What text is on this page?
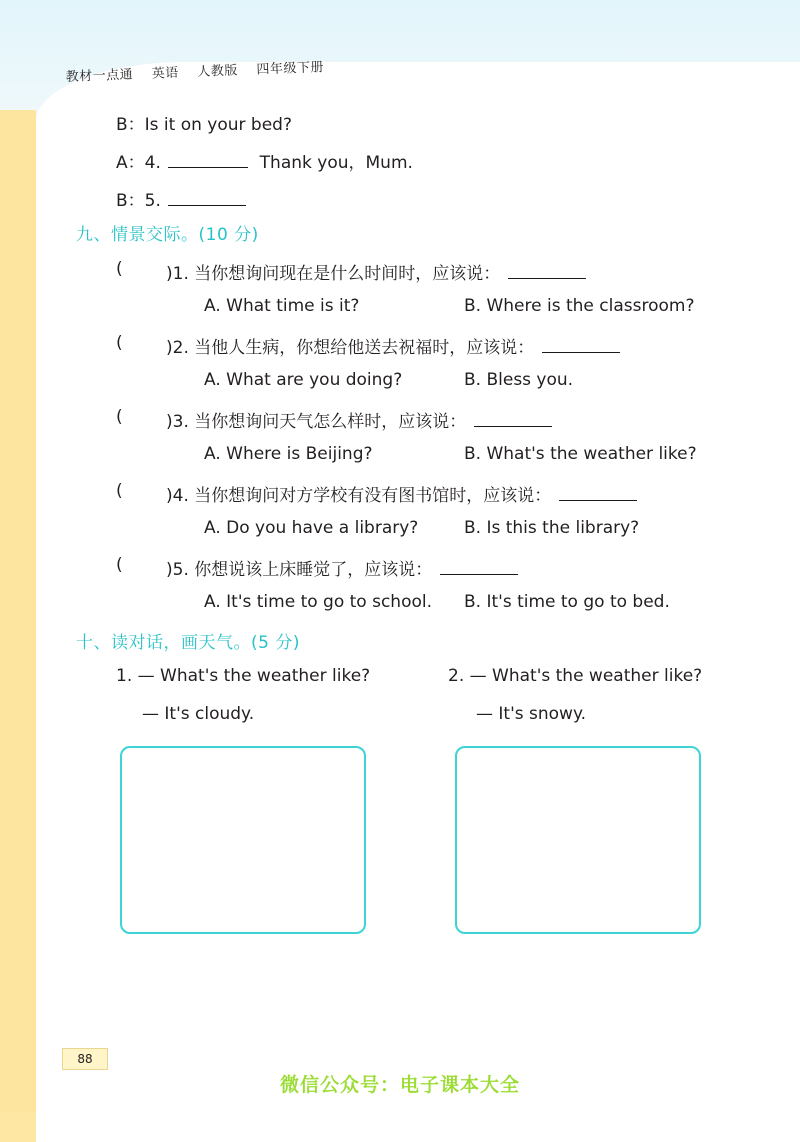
教材一点通 英语 人教版 四年级下册
B：Is it on your bed?
A：4.	Thank you，Mum.
B：5.
九、情景交际。(10 分)
(	)1. 当你想询问现在是什么时间时，应该说：
A. What time is it?	B. Where is the classroom?
(	)2. 当他人生病，你想给他送去祝福时，应该说：
A. What are you doing?	B. Bless you.
(	)3. 当你想询问天气怎么样时，应该说：
A. Where is Beijing?	B. What's the weather like?
(	)4. 当你想询问对方学校有没有图书馆时，应该说：
A. Do you have a library?	B. Is this the library?
(	)5. 你想说该上床睡觉了，应该说：
A. It's time to go to school. B. It's time to go to bed.
十、读对话，画天气。(5 分)
1. — What's the weather like?
— It's cloudy.
2. — What's the weather like?
— It's snowy.
88
微信公众号：电子课本大全
